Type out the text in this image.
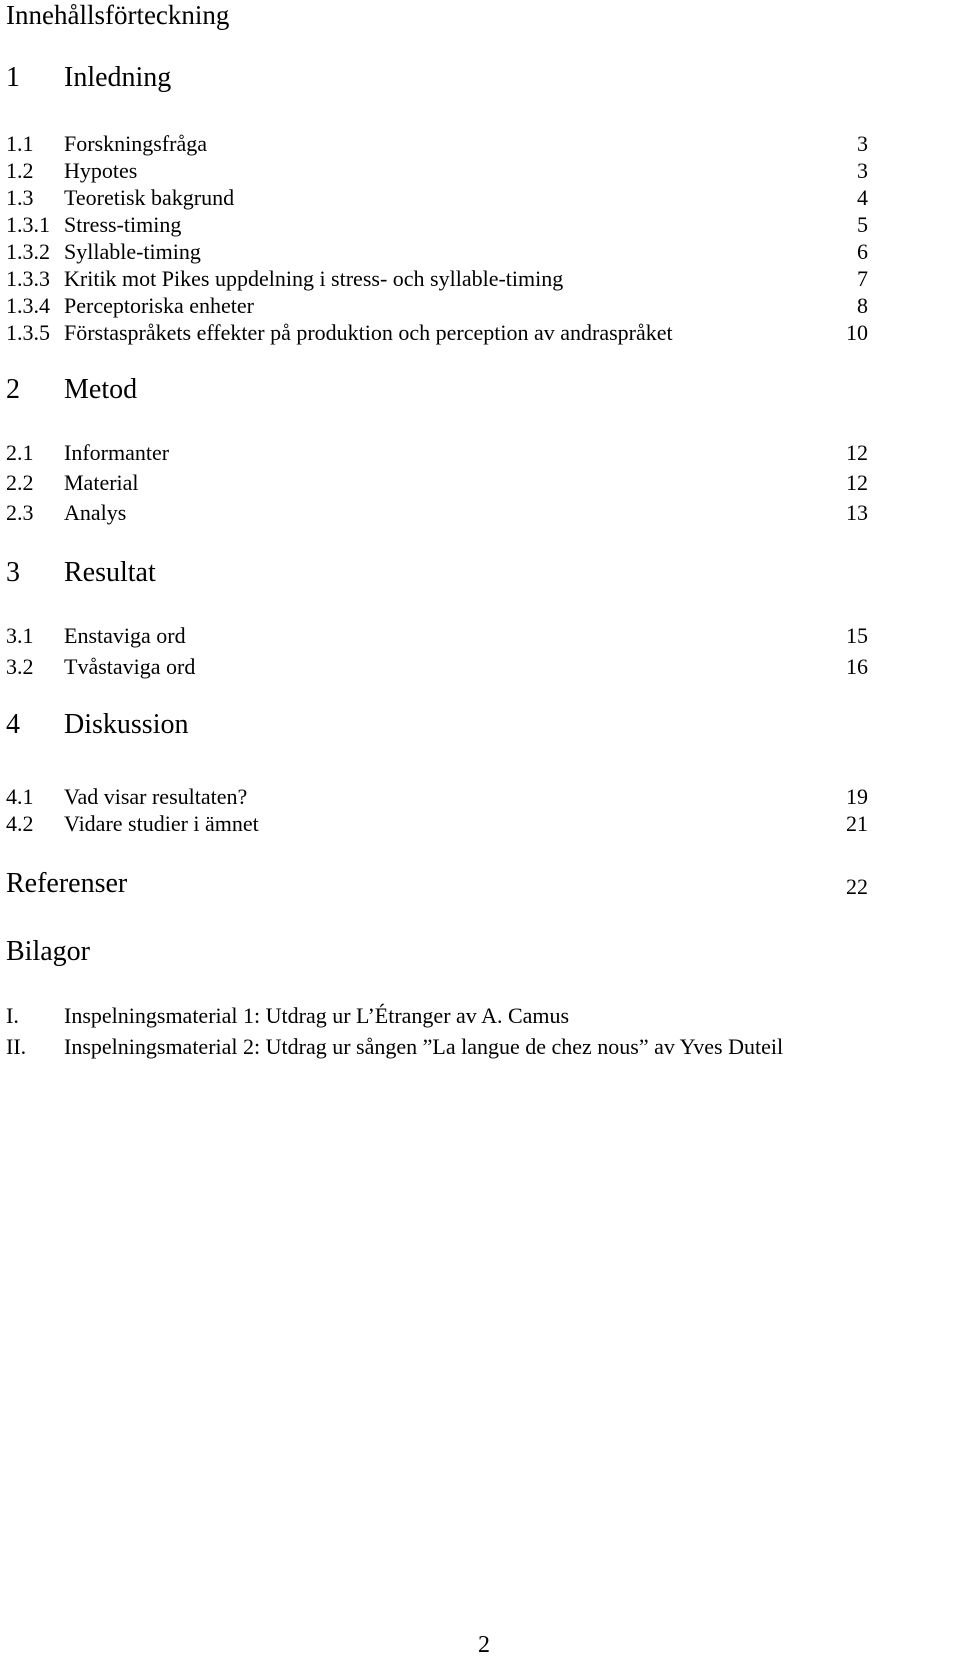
Innehållsförteckning
1 Inledning
1.1 Forskningsfråga	3
1.2 Hypotes	3
1.3 Teoretisk bakgrund	4
1.3.1 Stress-timing	5
1.3.2 Syllable-timing	6
1.3.3 Kritik mot Pikes uppdelning i stress- och syllable-timing	7
1.3.4 Perceptoriska enheter	8
1.3.5 Förstaspråkets effekter på produktion och perception av andraspråket	10
2 Metod
2.1 Informanter	12
2.2 Material	12
2.3 Analys	13
3 Resultat
3.1 Enstaviga ord	15
3.2 Tvåstaviga ord	16
4 Diskussion
4.1 Vad visar resultaten?	19
4.2 Vidare studier i ämnet	21
Referenser	22
Bilagor
I. Inspelningsmaterial 1: Utdrag ur L’Étranger av A. Camus
II. Inspelningsmaterial 2: Utdrag ur sången ”La langue de chez nous” av Yves Duteil
2
